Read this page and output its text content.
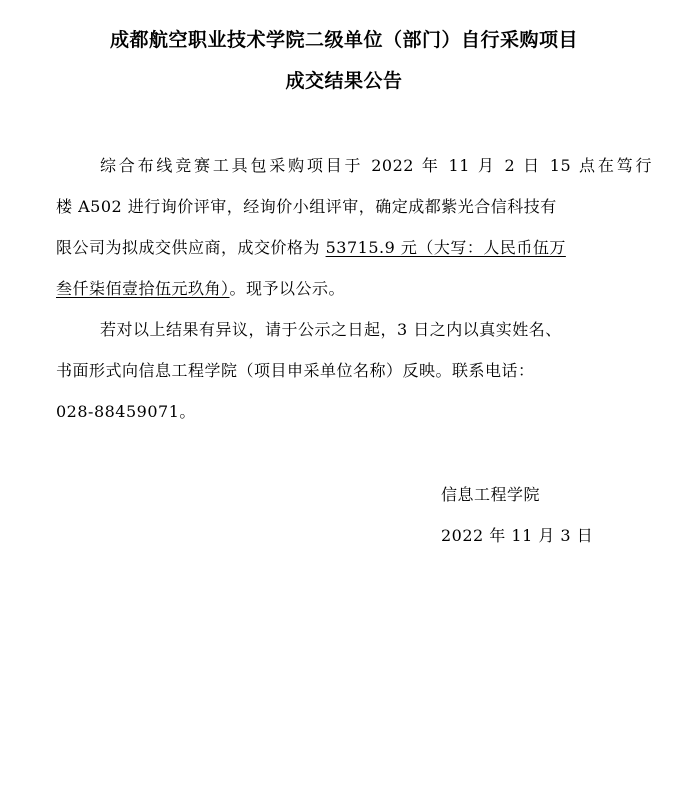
成都航空职业技术学院二级单位（部门）自行采购项目
成交结果公告
综合布线竞赛工具包采购项目于 2022 年 11 月 2 日 15 点在笃行
楼 A502 进行询价评审，经询价小组评审，确定成都紫光合信科技有
限公司为拟成交供应商，成交价格为 53715.9 元（大写：人民币伍万
叁仟柒佰壹拾伍元玖角）。现予以公示。
若对以上结果有异议，请于公示之日起，3 日之内以真实姓名、
书面形式向信息工程学院（项目申采单位名称）反映。联系电话：
028-88459071。
信息工程学院
2022 年 11 月 3 日
